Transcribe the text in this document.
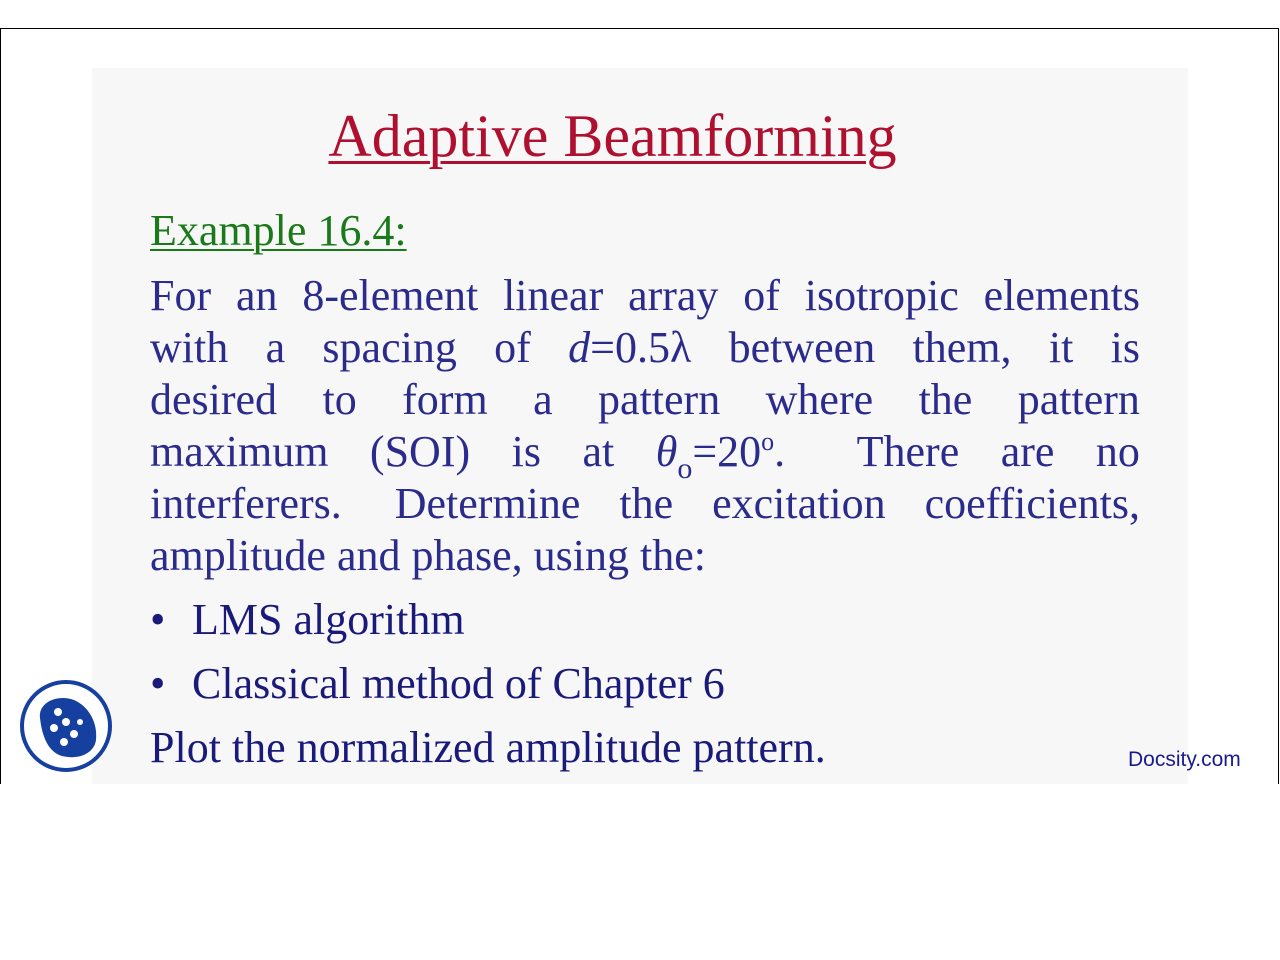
Adaptive Beamforming
Example 16.4:
For an 8-element linear array of isotropic elements
with a spacing of d=0.5λ between them, it is
desired to form a pattern where the pattern
maximum (SOI) is at $\theta_o=20^o$. There are no
interferers. Determine the excitation coefficients,
amplitude and phase, using the:
• LMS algorithm
• Classical method of Chapter 6
Plot the normalized amplitude pattern.	Docsity.com
